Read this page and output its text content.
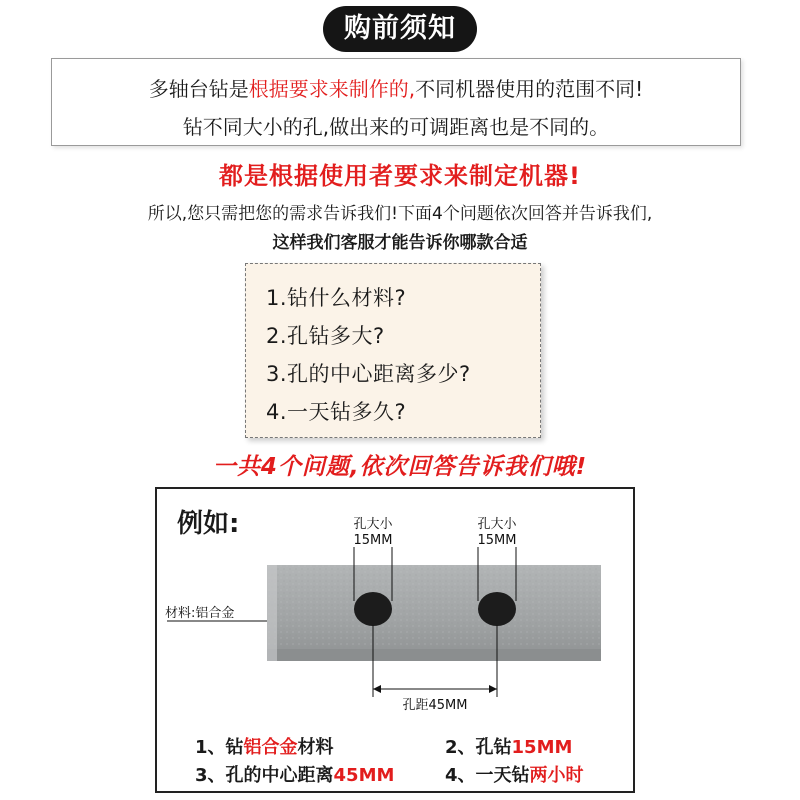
购前须知
多轴台钻是根据要求来制作的,不同机器使用的范围不同!
钻不同大小的孔,做出来的可调距离也是不同的。
都是根据使用者要求来制定机器!
所以,您只需把您的需求告诉我们!下面4个问题依次回答并告诉我们,
这样我们客服才能告诉你哪款合适
1.钻什么材料?
2.孔钻多大?
3.孔的中心距离多少?
4.一天钻多久?
一共4个问题,依次回答告诉我们哦!
例如:	孔大小
15MM
孔大小
15MM
材料:铝合金
孔距45MM
1、钻铝合金材料	2、孔钻15MM
3、孔的中心距离45MM	4、一天钻两小时
